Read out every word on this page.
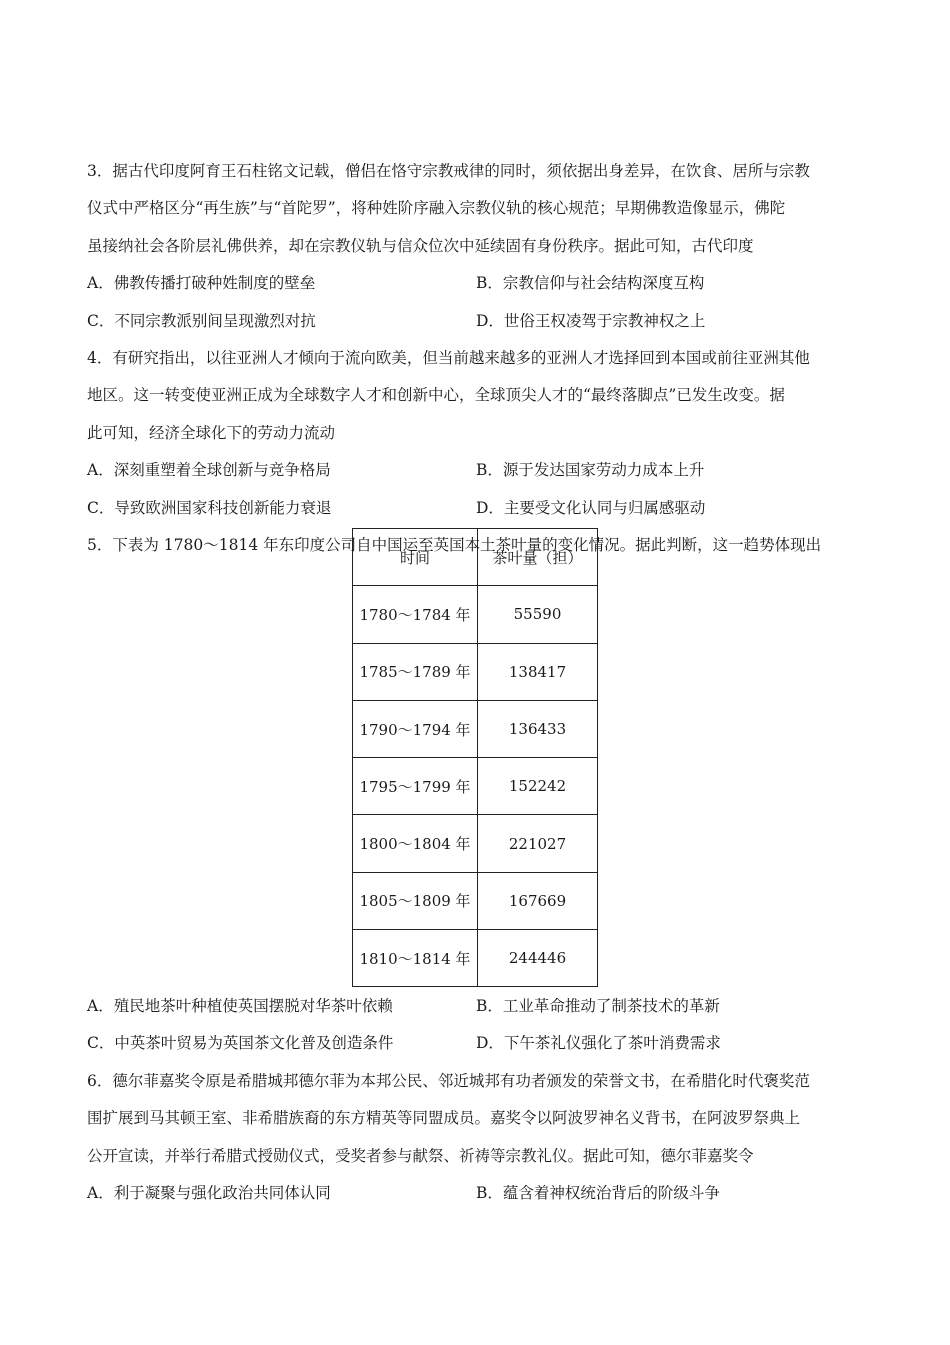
3．据古代印度阿育王石柱铭文记载，僧侣在恪守宗教戒律的同时，须依据出身差异，在饮食、居所与宗教
仪式中严格区分“再生族”与“首陀罗”，将种姓阶序融入宗教仪轨的核心规范；早期佛教造像显示，佛陀
虽接纳社会各阶层礼佛供养，却在宗教仪轨与信众位次中延续固有身份秩序。据此可知，古代印度
A．佛教传播打破种姓制度的壁垒	B．宗教信仰与社会结构深度互构
C．不同宗教派别间呈现激烈对抗	D．世俗王权凌驾于宗教神权之上
4．有研究指出，以往亚洲人才倾向于流向欧美，但当前越来越多的亚洲人才选择回到本国或前往亚洲其他
地区。这一转变使亚洲正成为全球数字人才和创新中心，全球顶尖人才的“最终落脚点”已发生改变。据
此可知，经济全球化下的劳动力流动
A．深刻重塑着全球创新与竞争格局	B．源于发达国家劳动力成本上升
C．导致欧洲国家科技创新能力衰退	D．主要受文化认同与归属感驱动
5．下表为 1780～1814 年东印度公司自中国运至英国本土茶叶量的变化情况。据此判断，这一趋势体现出
时间	茶叶量（担）
1780～1784 年	55590
1785～1789 年	138417
1790～1794 年	136433
1795～1799 年	152242
1800～1804 年	221027
1805～1809 年	167669
1810～1814 年	244446
A．殖民地茶叶种植使英国摆脱对华茶叶依赖	B．工业革命推动了制茶技术的革新
C．中英茶叶贸易为英国茶文化普及创造条件	D．下午茶礼仪强化了茶叶消费需求
6．德尔菲嘉奖令原是希腊城邦德尔菲为本邦公民、邻近城邦有功者颁发的荣誉文书，在希腊化时代褒奖范
围扩展到马其顿王室、非希腊族裔的东方精英等同盟成员。嘉奖令以阿波罗神名义背书，在阿波罗祭典上
公开宣读，并举行希腊式授勋仪式，受奖者参与献祭、祈祷等宗教礼仪。据此可知，德尔菲嘉奖令
A．利于凝聚与强化政治共同体认同	B．蕴含着神权统治背后的阶级斗争
